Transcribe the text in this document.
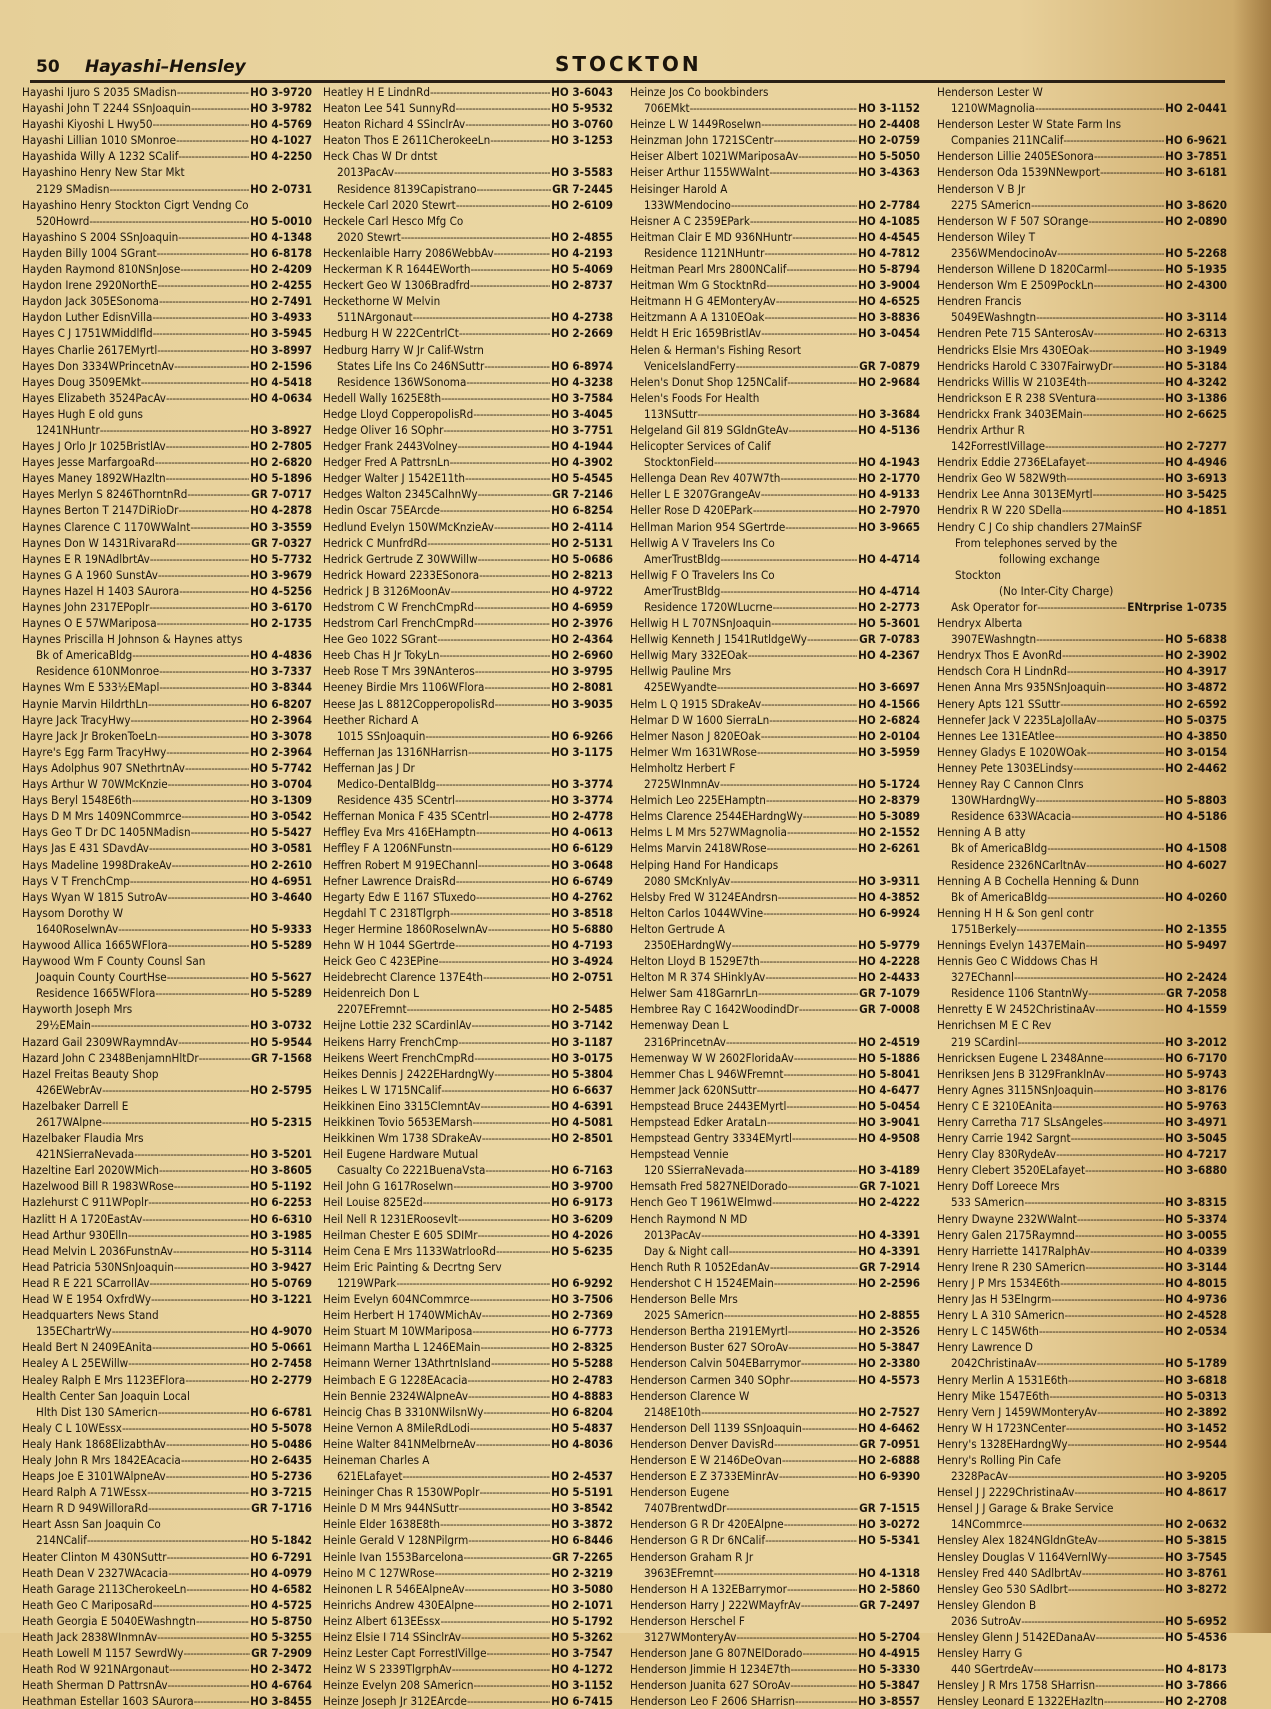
50 Hayashi–Hensley	STOCKTON
Hayashi Ijuro S 2035 SMadisn -----	HO 3-9720
Hayashi John T 2244 SSnJoaquin -----	HO 3-9782
Hayashi Kiyoshi L Hwy50 -----	HO 4-5769
Hayashi Lillian 1010 SMonroe -----	HO 4-1027
Hayashida Willy A 1232 SCalif -----	HO 4-2250
Hayashino Henry New Star Mkt
2129 SMadisn -----	HO 2-0731
Hayashino Henry Stockton Cigrt Vendng Co
520Howrd -----	HO 5-0010
Hayashino S 2004 SSnJoaquin -----	HO 4-1348
Hayden Billy 1004 SGrant -----	HO 6-8178
Hayden Raymond 810NSnJose -----	HO 2-4209
Haydon Irene 2920NorthE -----	HO 2-4255
Haydon Jack 305ESonoma -----	HO 2-7491
Haydon Luther EdisnVilla -----	HO 3-4933
Hayes C J 1751WMiddlfld -----	HO 3-5945
Hayes Charlie 2617EMyrtl -----	HO 3-8997
Hayes Don 3334WPrincetnAv -----	HO 2-1596
Hayes Doug 3509EMkt -----	HO 4-5418
Hayes Elizabeth 3524PacAv -----	HO 4-0634
Hayes Hugh E old guns
1241NHuntr -----	HO 3-8927
Hayes J Orlo Jr 1025BristlAv -----	HO 2-7805
Hayes Jesse MarfargoaRd -----	HO 2-6820
Hayes Maney 1892WHazltn -----	HO 5-1896
Hayes Merlyn S 8246ThorntnRd -----	GR 7-0717
Haynes Berton T 2147DiRioDr -----	HO 4-2878
Haynes Clarence C 1170WWalnt -----	HO 3-3559
Haynes Don W 1431RivaraRd -----	GR 7-0327
Haynes E R 19NAdlbrtAv -----	HO 5-7732
Haynes G A 1960 SunstAv -----	HO 3-9679
Haynes Hazel H 1403 SAurora -----	HO 4-5256
Haynes John 2317EPoplr -----	HO 3-6170
Haynes O E 57WMariposa -----	HO 2-1735
Haynes Priscilla H Johnson & Haynes attys
Bk of AmericaBldg -----	HO 4-4836
Residence 610NMonroe -----	HO 3-7337
Haynes Wm E 533½EMapl -----	HO 3-8344
Haynie Marvin HildrthLn -----	HO 6-8207
Hayre Jack TracyHwy -----	HO 2-3964
Hayre Jack Jr BrokenToeLn -----	HO 3-3078
Hayre's Egg Farm TracyHwy -----	HO 2-3964
Hays Adolphus 907 SNethrtnAv -----	HO 5-7742
Hays Arthur W 70WMcKnzie -----	HO 3-0704
Hays Beryl 1548E6th -----	HO 3-1309
Hays D M Mrs 1409NCommrce -----	HO 3-0542
Hays Geo T Dr DC 1405NMadisn -----	HO 5-5427
Hays Jas E 431 SDavdAv -----	HO 3-0581
Hays Madeline 1998DrakeAv -----	HO 2-2610
Hays V T FrenchCmp -----	HO 4-6951
Hays Wyan W 1815 SutroAv -----	HO 3-4640
Haysom Dorothy W
1640RoselwnAv -----	HO 5-9333
Haywood Allica 1665WFlora -----	HO 5-5289
Haywood Wm F County Counsl San
Joaquin County CourtHse -----	HO 5-5627
Residence 1665WFlora -----	HO 5-5289
Hayworth Joseph Mrs
29½EMain -----	HO 3-0732
Hazard Gail 2309WRaymndAv -----	HO 5-9544
Hazard John C 2348BenjamnHltDr -----	GR 7-1568
Hazel Freitas Beauty Shop
426EWebrAv -----	HO 2-5795
Hazelbaker Darrell E
2617WAlpne -----	HO 5-2315
Hazelbaker Flaudia Mrs
421NSierraNevada -----	HO 3-5201
Hazeltine Earl 2020WMich -----	HO 3-8605
Hazelwood Bill R 1983WRose -----	HO 5-1192
Hazlehurst C 911WPoplr -----	HO 6-2253
Hazlitt H A 1720EastAv -----	HO 6-6310
Head Arthur 930Elln -----	HO 3-1985
Head Melvin L 2036FunstnAv -----	HO 5-3114
Head Patricia 530NSnJoaquin -----	HO 3-9427
Head R E 221 SCarrollAv -----	HO 5-0769
Head W E 1954 OxfrdWy -----	HO 3-1221
Headquarters News Stand
135EChartrWy -----	HO 4-9070
Heald Bert N 2409EAnita -----	HO 5-0661
Healey A L 25EWillw -----	HO 2-7458
Healey Ralph E Mrs 1123EFlora -----	HO 2-2779
Health Center San Joaquin Local
Hlth Dist 130 SAmericn -----	HO 6-6781
Healy C L 10WEssx -----	HO 5-5078
Healy Hank 1868ElizabthAv -----	HO 5-0486
Healy John R Mrs 1842EAcacia -----	HO 2-6435
Heaps Joe E 3101WAlpneAv -----	HO 5-2736
Heard Ralph A 71WEssx -----	HO 3-7215
Hearn R D 949WilloraRd -----	GR 7-1716
Heart Assn San Joaquin Co
214NCalif -----	HO 5-1842
Heater Clinton M 430NSuttr -----	HO 6-7291
Heath Dean V 2327WAcacia -----	HO 4-0979
Heath Garage 2113CherokeeLn -----	HO 4-6582
Heath Geo C MariposaRd -----	HO 4-5725
Heath Georgia E 5040EWashngtn -----	HO 5-8750
Heath Jack 2838WInmnAv -----	HO 5-3255
Heath Lowell M 1157 SewrdWy -----	GR 7-2909
Heath Rod W 921NArgonaut -----	HO 2-3472
Heath Sherman D PattrsnAv -----	HO 4-6764
Heathman Estellar 1603 SAurora -----	HO 3-8455
Heatley H E LindnRd -----	HO 3-6043
Heaton Lee 541 SunnyRd -----	HO 5-9532
Heaton Richard 4 SSinclrAv -----	HO 3-0760
Heaton Thos E 2611CherokeeLn -----	HO 3-1253
Heck Chas W Dr dntst
2013PacAv -----	HO 3-5583
Residence 8139Capistrano -----	GR 7-2445
Heckele Carl 2020 Stewrt -----	HO 2-6109
Heckele Carl Hesco Mfg Co
2020 Stewrt -----	HO 2-4855
Heckenlaible Harry 2086WebbAv -----	HO 4-2193
Heckerman K R 1644EWorth -----	HO 5-4069
Heckert Geo W 1306Bradfrd -----	HO 2-8737
Heckethorne W Melvin
511NArgonaut -----	HO 4-2738
Hedburg H W 222CentrlCt -----	HO 2-2669
Hedburg Harry W Jr Calif-Wstrn
States Life Ins Co 246NSuttr -----	HO 6-8974
Residence 136WSonoma -----	HO 4-3238
Hedell Wally 1625E8th -----	HO 3-7584
Hedge Lloyd CopperopolisRd -----	HO 3-4045
Hedge Oliver 16 SOphr -----	HO 3-7751
Hedger Frank 2443Volney -----	HO 4-1944
Hedger Fred A PattrsnLn -----	HO 4-3902
Hedger Walter J 1542E11th -----	HO 5-4545
Hedges Walton 2345CalhnWy -----	GR 7-2146
Hedin Oscar 75EArcde -----	HO 6-8254
Hedlund Evelyn 150WMcKnzieAv -----	HO 2-4114
Hedrick C MunfrdRd -----	HO 2-5131
Hedrick Gertrude Z 30WWillw -----	HO 5-0686
Hedrick Howard 2233ESonora -----	HO 2-8213
Hedrick J B 3126MoonAv -----	HO 4-9722
Hedstrom C W FrenchCmpRd -----	HO 4-6959
Hedstrom Carl FrenchCmpRd -----	HO 2-3976
Hee Geo 1022 SGrant -----	HO 2-4364
Heeb Chas H Jr TokyLn -----	HO 2-6960
Heeb Rose T Mrs 39NAnteros -----	HO 3-9795
Heeney Birdie Mrs 1106WFlora -----	HO 2-8081
Heese Jas L 8812CopperopolisRd -----	HO 3-9035
Heether Richard A
1015 SSnJoaquin -----	HO 6-9266
Heffernan Jas 1316NHarrisn -----	HO 3-1175
Heffernan Jas J Dr
Medico-DentalBldg -----	HO 3-3774
Residence 435 SCentrl -----	HO 3-3774
Heffernan Monica F 435 SCentrl -----	HO 2-4778
Heffley Eva Mrs 416EHamptn -----	HO 4-0613
Heffley F A 1206NFunstn -----	HO 6-6129
Heffren Robert M 919EChannl -----	HO 3-0648
Hefner Lawrence DraisRd -----	HO 6-6749
Hegarty Edw E 1167 STuxedo -----	HO 4-2762
Hegdahl T C 2318Tlgrph -----	HO 3-8518
Heger Hermine 1860RoselwnAv -----	HO 5-6880
Hehn W H 1044 SGertrde -----	HO 4-7193
Heick Geo C 423EPine -----	HO 3-4924
Heidebrecht Clarence 137E4th -----	HO 2-0751
Heidenreich Don L
2207EFremnt -----	HO 2-5485
Heijne Lottie 232 SCardinlAv -----	HO 3-7142
Heikens Harry FrenchCmp -----	HO 3-1187
Heikens Weert FrenchCmpRd -----	HO 3-0175
Heikes Dennis J 2422EHardngWy -----	HO 5-3804
Heikes L W 1715NCalif -----	HO 6-6637
Heikkinen Eino 3315ClemntAv -----	HO 4-6391
Heikkinen Tovio 5653EMarsh -----	HO 4-5081
Heikkinen Wm 1738 SDrakeAv -----	HO 2-8501
Heil Eugene Hardware Mutual
Casualty Co 2221BuenaVsta -----	HO 6-7163
Heil John G 1617Roselwn -----	HO 3-9700
Heil Louise 825E2d -----	HO 6-9173
Heil Nell R 1231ERoosevlt -----	HO 3-6209
Heilman Chester E 605 SDIMr -----	HO 4-2026
Heim Cena E Mrs 1133WatrlooRd -----	HO 5-6235
Heim Eric Painting & Decrtng Serv
1219WPark -----	HO 6-9292
Heim Evelyn 604NCommrce -----	HO 3-7506
Heim Herbert H 1740WMichAv -----	HO 2-7369
Heim Stuart M 10WMariposa -----	HO 6-7773
Heimann Martha L 1246EMain -----	HO 2-8325
Heimann Werner 13AthrtnIsland -----	HO 5-5288
Heimbach E G 1228EAcacia -----	HO 2-4783
Hein Bennie 2324WAlpneAv -----	HO 4-8883
Heincig Chas B 3310NWilsnWy -----	HO 6-8204
Heine Vernon A 8MileRdLodi -----	HO 5-4837
Heine Walter 841NMelbrneAv -----	HO 4-8036
Heineman Charles A
621ELafayet -----	HO 2-4537
Heininger Chas R 1530WPoplr -----	HO 5-5191
Heinle D M Mrs 944NSuttr -----	HO 3-8542
Heinle Elder 1638E8th -----	HO 3-3872
Heinle Gerald V 128NPilgrm -----	HO 6-8446
Heinle Ivan 1553Barcelona -----	GR 7-2265
Heino M C 127WRose -----	HO 2-3219
Heinonen L R 546EAlpneAv -----	HO 3-5080
Heinrichs Andrew 430EAlpne -----	HO 2-1071
Heinz Albert 613EEssx -----	HO 5-1792
Heinz Elsie I 714 SSinclrAv -----	HO 5-3262
Heinz Lester Capt ForrestIVillge -----	HO 3-7547
Heinz W S 2339TlgrphAv -----	HO 4-1272
Heinze Evelyn 208 SAmericn -----	HO 3-1152
Heinze Joseph Jr 312EArcde -----	HO 6-7415
Heinze Jos Co bookbinders
706EMkt -----	HO 3-1152
Heinze L W 1449Roselwn -----	HO 2-4408
Heinzman John 1721SCentr -----	HO 2-0759
Heiser Albert 1021WMariposaAv -----	HO 5-5050
Heiser Arthur 1155WWalnt -----	HO 3-4363
Heisinger Harold A
133WMendocino -----	HO 2-7784
Heisner A C 2359EPark -----	HO 4-1085
Heitman Clair E MD 936NHuntr -----	HO 4-4545
Residence 1121NHuntr -----	HO 4-7812
Heitman Pearl Mrs 2800NCalif -----	HO 5-8794
Heitman Wm G StocktnRd -----	HO 3-9004
Heitmann H G 4EMonteryAv -----	HO 4-6525
Heitzmann A A 1310EOak -----	HO 3-8836
Heldt H Eric 1659BristlAv -----	HO 3-0454
Helen & Herman's Fishing Resort
VeniceIslandFerry -----	GR 7-0879
Helen's Donut Shop 125NCalif -----	HO 2-9684
Helen's Foods For Health
113NSuttr -----	HO 3-3684
Helgeland Gil 819 SGldnGteAv -----	HO 4-5136
Helicopter Services of Calif
StocktonField -----	HO 4-1943
Hellenga Dean Rev 407W7th -----	HO 2-1770
Heller L E 3207GrangeAv -----	HO 4-9133
Heller Rose D 420EPark -----	HO 2-7970
Hellman Marion 954 SGertrde -----	HO 3-9665
Hellwig A V Travelers Ins Co
AmerTrustBldg -----	HO 4-4714
Hellwig F O Travelers Ins Co
AmerTrustBldg -----	HO 4-4714
Residence 1720WLucrne -----	HO 2-2773
Hellwig H L 707NSnJoaquin -----	HO 5-3601
Hellwig Kenneth J 1541RutldgeWy -----	GR 7-0783
Hellwig Mary 332EOak -----	HO 4-2367
Hellwig Pauline Mrs
425EWyandte -----	HO 3-6697
Helm L Q 1915 SDrakeAv -----	HO 4-1566
Helmar D W 1600 SierraLn -----	HO 2-6824
Helmer Nason J 820EOak -----	HO 2-0104
Helmer Wm 1631WRose -----	HO 3-5959
Helmholtz Herbert F
2725WInmnAv -----	HO 5-1724
Helmich Leo 225EHamptn -----	HO 2-8379
Helms Clarence 2544EHardngWy -----	HO 5-3089
Helms L M Mrs 527WMagnolia -----	HO 2-1552
Helms Marvin 2418WRose -----	HO 2-6261
Helping Hand For Handicaps
2080 SMcKnlyAv -----	HO 3-9311
Helsby Fred W 3124EAndrsn -----	HO 4-3852
Helton Carlos 1044WVine -----	HO 6-9924
Helton Gertrude A
2350EHardngWy -----	HO 5-9779
Helton Lloyd B 1529E7th -----	HO 4-2228
Helton M R 374 SHinklyAv -----	HO 2-4433
Helwer Sam 418GarnrLn -----	GR 7-1079
Hembree Ray C 1642WoodindDr -----	GR 7-0008
Hemenway Dean L
2316PrincetnAv -----	HO 2-4519
Hemenway W W 2602FloridaAv -----	HO 5-1886
Hemmer Chas L 946WFremnt -----	HO 5-8041
Hemmer Jack 620NSuttr -----	HO 4-6477
Hempstead Bruce 2443EMyrtl -----	HO 5-0454
Hempstead Edker ArataLn -----	HO 3-9041
Hempstead Gentry 3334EMyrtl -----	HO 4-9508
Hempstead Vennie
120 SSierraNevada -----	HO 3-4189
Hemsath Fred 5827NElDorado -----	GR 7-1021
Hench Geo T 1961WElmwd -----	HO 2-4222
Hench Raymond N MD
2013PacAv -----	HO 4-3391
Day & Night call -----	HO 4-3391
Hench Ruth R 1052EdanAv -----	GR 7-2914
Hendershot C H 1524EMain -----	HO 2-2596
Henderson Belle Mrs
2025 SAmericn -----	HO 2-8855
Henderson Bertha 2191EMyrtl -----	HO 2-3526
Henderson Buster 627 SOroAv -----	HO 5-3847
Henderson Calvin 504EBarrymor -----	HO 2-3380
Henderson Carmen 340 SOphr -----	HO 4-5573
Henderson Clarence W
2148E10th -----	HO 2-7527
Henderson Dell 1139 SSnJoaquin -----	HO 4-6462
Henderson Denver DavisRd -----	GR 7-0951
Henderson E W 2146DeOvan -----	HO 2-6888
Henderson E Z 3733EMinrAv -----	HO 6-9390
Henderson Eugene
7407BrentwdDr -----	GR 7-1515
Henderson G R Dr 420EAlpne -----	HO 3-0272
Henderson G R Dr 6NCalif -----	HO 5-5341
Henderson Graham R Jr
3963EFremnt -----	HO 4-1318
Henderson H A 132EBarrymor -----	HO 2-5860
Henderson Harry J 222WMayfrAv -----	GR 7-2497
Henderson Herschel F
3127WMonteryAv -----	HO 5-2704
Henderson Jane G 807NElDorado -----	HO 4-4915
Henderson Jimmie H 1234E7th -----	HO 5-3330
Henderson Juanita 627 SOroAv -----	HO 5-3847
Henderson Leo F 2606 SHarrisn -----	HO 3-8557
Henderson Lester W
1210WMagnolia -----	HO 2-0441
Henderson Lester W State Farm Ins
Companies 211NCalif -----	HO 6-9621
Henderson Lillie 2405ESonora -----	HO 3-7851
Henderson Oda 1539NNewport -----	HO 3-6181
Henderson V B Jr
2275 SAmericn -----	HO 3-8620
Henderson W F 507 SOrange -----	HO 2-0890
Henderson Wiley T
2356WMendocinoAv -----	HO 5-2268
Henderson Willene D 1820Carml -----	HO 5-1935
Henderson Wm E 2509PockLn -----	HO 2-4300
Hendren Francis
5049EWashngtn -----	HO 3-3114
Hendren Pete 715 SAnterosAv -----	HO 2-6313
Hendricks Elsie Mrs 430EOak -----	HO 3-1949
Hendricks Harold C 3307FairwyDr -----	HO 5-3184
Hendricks Willis W 2103E4th -----	HO 4-3242
Hendrickson E R 238 SVentura -----	HO 3-1386
Hendrickx Frank 3403EMain -----	HO 2-6625
Hendrix Arthur R
142ForrestIVillage -----	HO 2-7277
Hendrix Eddie 2736ELafayet -----	HO 4-4946
Hendrix Geo W 582W9th -----	HO 3-6913
Hendrix Lee Anna 3013EMyrtl -----	HO 3-5425
Hendrix R W 220 SDella -----	HO 4-1851
Hendry C J Co ship chandlers 27MainSF
From telephones served by the
following exchange
Stockton
(No Inter-City Charge)
Ask Operator for -----	ENtrprise 1-0735
Hendryx Alberta
3907EWashngtn -----	HO 5-6838
Hendryx Thos E AvonRd -----	HO 2-3902
Hendsch Cora H LindnRd -----	HO 4-3917
Henen Anna Mrs 935NSnJoaquin -----	HO 3-4872
Henery Apts 121 SSuttr -----	HO 2-6592
Hennefer Jack V 2235LaJollaAv -----	HO 5-0375
Hennes Lee 131EAtlee -----	HO 4-3850
Henney Gladys E 1020WOak -----	HO 3-0154
Henney Pete 1303ELindsy -----	HO 2-4462
Henney Ray C Cannon Clnrs
130WHardngWy -----	HO 5-8803
Residence 633WAcacia -----	HO 4-5186
Henning A B atty
Bk of AmericaBldg -----	HO 4-1508
Residence 2326NCarltnAv -----	HO 4-6027
Henning A B Cochella Henning & Dunn
Bk of AmericaBldg -----	HO 4-0260
Henning H H & Son genl contr
1751Berkely -----	HO 2-1355
Hennings Evelyn 1437EMain -----	HO 5-9497
Hennis Geo C Widdows Chas H
327EChannl -----	HO 2-2424
Residence 1106 StantnWy -----	GR 7-2058
Henretty E W 2452ChristinaAv -----	HO 4-1559
Henrichsen M E C Rev
219 SCardinl -----	HO 3-2012
Henricksen Eugene L 2348Anne -----	HO 6-7170
Henriksen Jens B 3129FranklnAv -----	HO 5-9743
Henry Agnes 3115NSnJoaquin -----	HO 3-8176
Henry C E 3210EAnita -----	HO 5-9763
Henry Carretha 717 SLsAngeles -----	HO 3-4971
Henry Carrie 1942 Sargnt -----	HO 3-5045
Henry Clay 830RydeAv -----	HO 4-7217
Henry Clebert 3520ELafayet -----	HO 3-6880
Henry Doff Loreece Mrs
533 SAmericn -----	HO 3-8315
Henry Dwayne 232WWalnt -----	HO 5-3374
Henry Galen 2175Raymnd -----	HO 3-0055
Henry Harriette 1417RalphAv -----	HO 4-0339
Henry Irene R 230 SAmericn -----	HO 3-3144
Henry J P Mrs 1534E6th -----	HO 4-8015
Henry Jas H 53Elngrm -----	HO 4-9736
Henry L A 310 SAmericn -----	HO 2-4528
Henry L C 145W6th -----	HO 2-0534
Henry Lawrence D
2042ChristinaAv -----	HO 5-1789
Henry Merlin A 1531E6th -----	HO 3-6818
Henry Mike 1547E6th -----	HO 5-0313
Henry Vern J 1459WMonteryAv -----	HO 2-3892
Henry W H 1723NCenter -----	HO 3-1452
Henry's 1328EHardngWy -----	HO 2-9544
Henry's Rolling Pin Cafe
2328PacAv -----	HO 3-9205
Hensel J J 2229ChristinaAv -----	HO 4-8617
Hensel J J Garage & Brake Service
14NCommrce -----	HO 2-0632
Hensley Alex 1824NGldnGteAv -----	HO 5-3815
Hensley Douglas V 1164VernlWy -----	HO 3-7545
Hensley Fred 440 SAdlbrtAv -----	HO 3-8761
Hensley Geo 530 SAdlbrt -----	HO 3-8272
Hensley Glendon B
2036 SutroAv -----	HO 5-6952
Hensley Glenn J 5142EDanaAv -----	HO 5-4536
Hensley Harry G
440 SGertrdeAv -----	HO 4-8173
Hensley J R Mrs 1758 SHarrisn -----	HO 3-7866
Hensley Leonard E 1322EHazltn -----	HO 2-2708
